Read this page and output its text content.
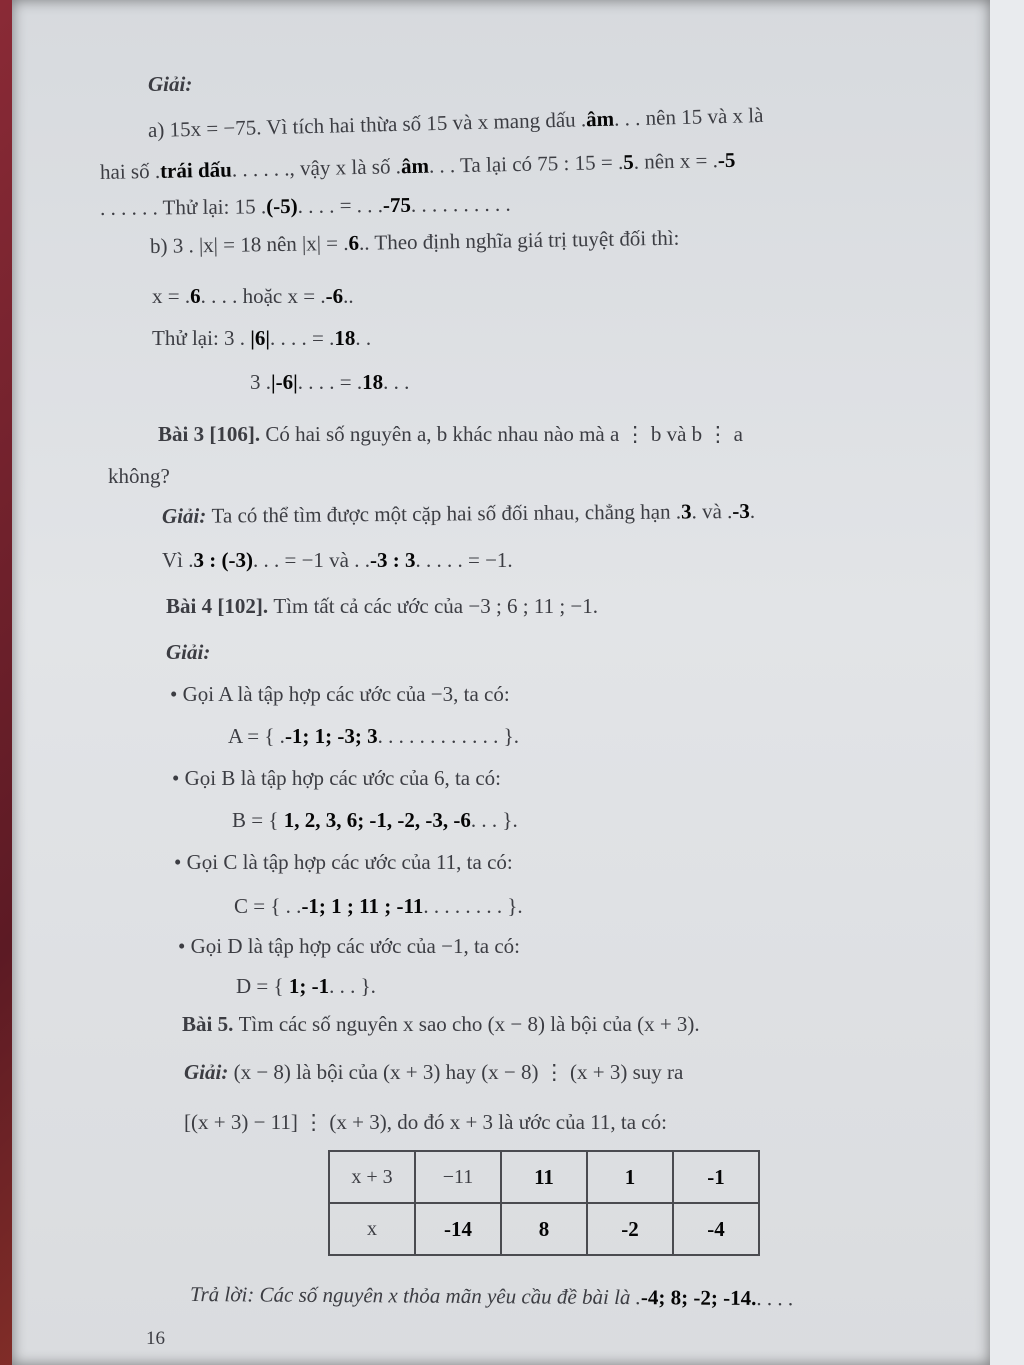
Giải:
a) 15x = −75. Vì tích hai thừa số 15 và x mang dấu .âm. . . nên 15 và x là
hai số .trái dấu. . . . . ., vậy x là số .âm. . . Ta lại có 75 : 15 = .5. nên x = .-5
. . . . . . Thử lại: 15 .(-5). . . . = . . .-75. . . . . . . . . .
b) 3 . |x| = 18 nên |x| = .6.. Theo định nghĩa giá trị tuyệt đối thì:
x = .6. . . . hoặc x = .-6..
Thử lại: 3 . |6|. . . . = .18. .
3 .|-6|. . . . = .18. . .
Bài 3 [106]. Có hai số nguyên a, b khác nhau nào mà a ⋮ b và b ⋮ a
không?
Giải: Ta có thể tìm được một cặp hai số đối nhau, chẳng hạn .3. và .-3.
Vì .3 : (-3). . . = −1 và . .-3 : 3. . . . . = −1.
Bài 4 [102]. Tìm tất cả các ước của −3 ; 6 ; 11 ; −1.
Giải:
• Gọi A là tập hợp các ước của −3, ta có:
A = { .-1; 1; -3; 3. . . . . . . . . . . . }.
• Gọi B là tập hợp các ước của 6, ta có:
B = { 1, 2, 3, 6; -1, -2, -3, -6. . . }.
• Gọi C là tập hợp các ước của 11, ta có:
C = { . .-1; 1 ; 11 ; -11. . . . . . . . }.
• Gọi D là tập hợp các ước của −1, ta có:
D = { 1; -1. . . }.
Bài 5. Tìm các số nguyên x sao cho (x − 8) là bội của (x + 3).
Giải: (x − 8) là bội của (x + 3) hay (x − 8) ⋮ (x + 3) suy ra
[(x + 3) − 11] ⋮ (x + 3), do đó x + 3 là ước của 11, ta có:
x + 3	−11	11	1	-1
x	-14	8	-2	-4
Trả lời: Các số nguyên x thỏa mãn yêu cầu đề bài là .-4; 8; -2; -14.. . . .
16
